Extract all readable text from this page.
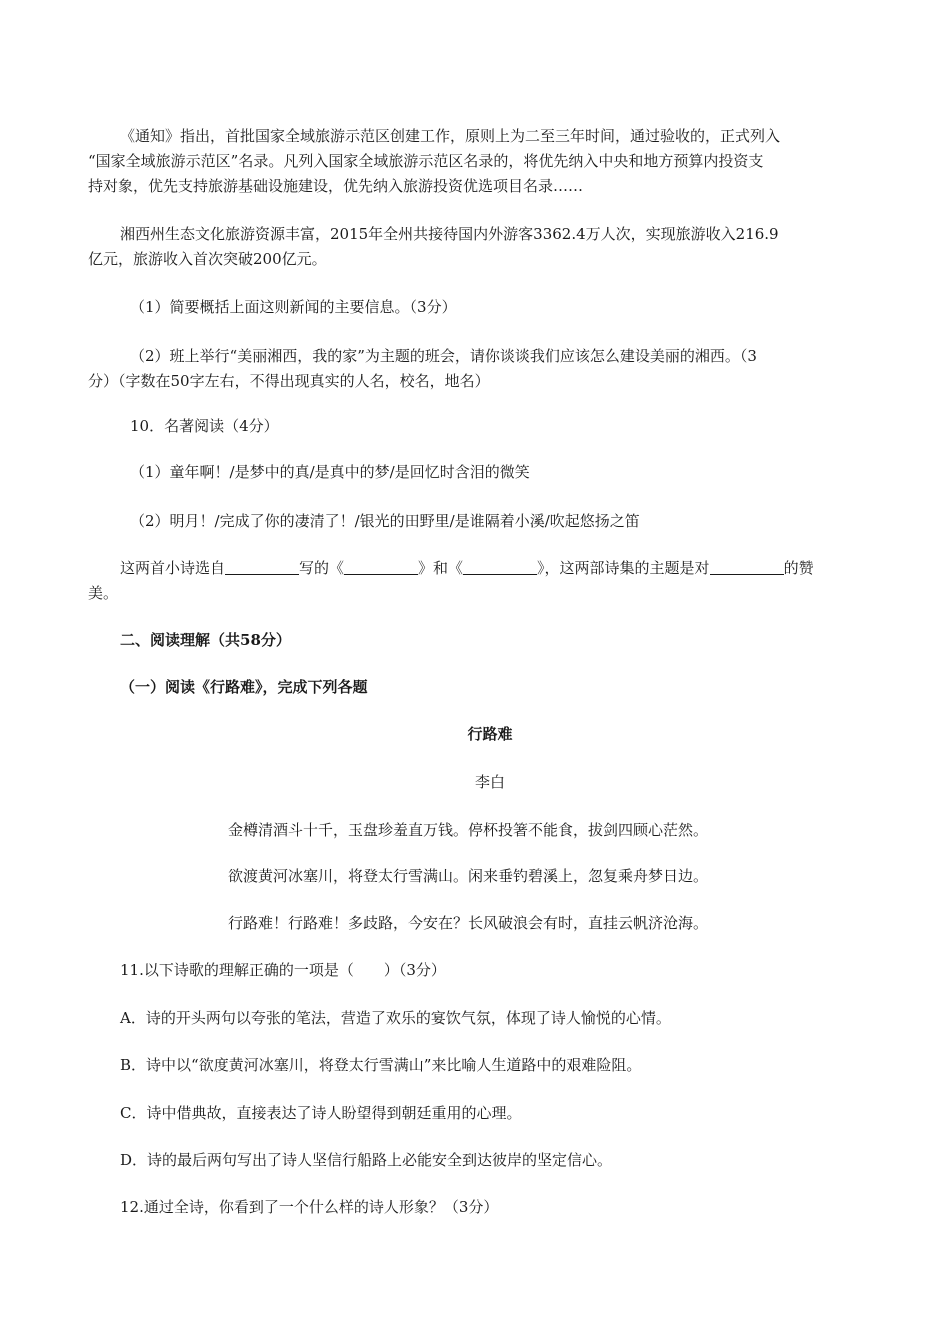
《通知》指出，首批国家全域旅游示范区创建工作，原则上为二至三年时间，通过验收的，正式列入
“国家全域旅游示范区”名录。凡列入国家全域旅游示范区名录的，将优先纳入中央和地方预算内投资支
持对象，优先支持旅游基础设施建设，优先纳入旅游投资优选项目名录……
湘西州生态文化旅游资源丰富，2015年全州共接待国内外游客3362.4万人次，实现旅游收入216.9
亿元，旅游收入首次突破200亿元。
（1）简要概括上面这则新闻的主要信息。（3分）
（2）班上举行“美丽湘西，我的家”为主题的班会，请你谈谈我们应该怎么建设美丽的湘西。（3
分）（字数在50字左右，不得出现真实的人名，校名，地名）
10．名著阅读（4分）
（1）童年啊！/是梦中的真/是真中的梦/是回忆时含泪的微笑
（2）明月！/完成了你的凄清了！/银光的田野里/是谁隔着小溪/吹起悠扬之笛
这两首小诗选自	写的《	》和《	》，这两部诗集的主题是对	的赞
美。
二、阅读理解（共58分）
（一）阅读《行路难》，完成下列各题
行路难
李白
金樽清酒斗十千，玉盘珍羞直万钱。停杯投箸不能食，拔剑四顾心茫然。
欲渡黄河冰塞川，将登太行雪满山。闲来垂钓碧溪上，忽复乘舟梦日边。
行路难！行路难！多歧路，今安在？长风破浪会有时，直挂云帆济沧海。
11.以下诗歌的理解正确的一项是（　　）（3分）
A．诗的开头两句以夸张的笔法，营造了欢乐的宴饮气氛，体现了诗人愉悦的心情。
B．诗中以“欲度黄河冰塞川，将登太行雪满山”来比喻人生道路中的艰难险阻。
C．诗中借典故，直接表达了诗人盼望得到朝廷重用的心理。
D．诗的最后两句写出了诗人坚信行船路上必能安全到达彼岸的坚定信心。
12.通过全诗，你看到了一个什么样的诗人形象？（3分）
